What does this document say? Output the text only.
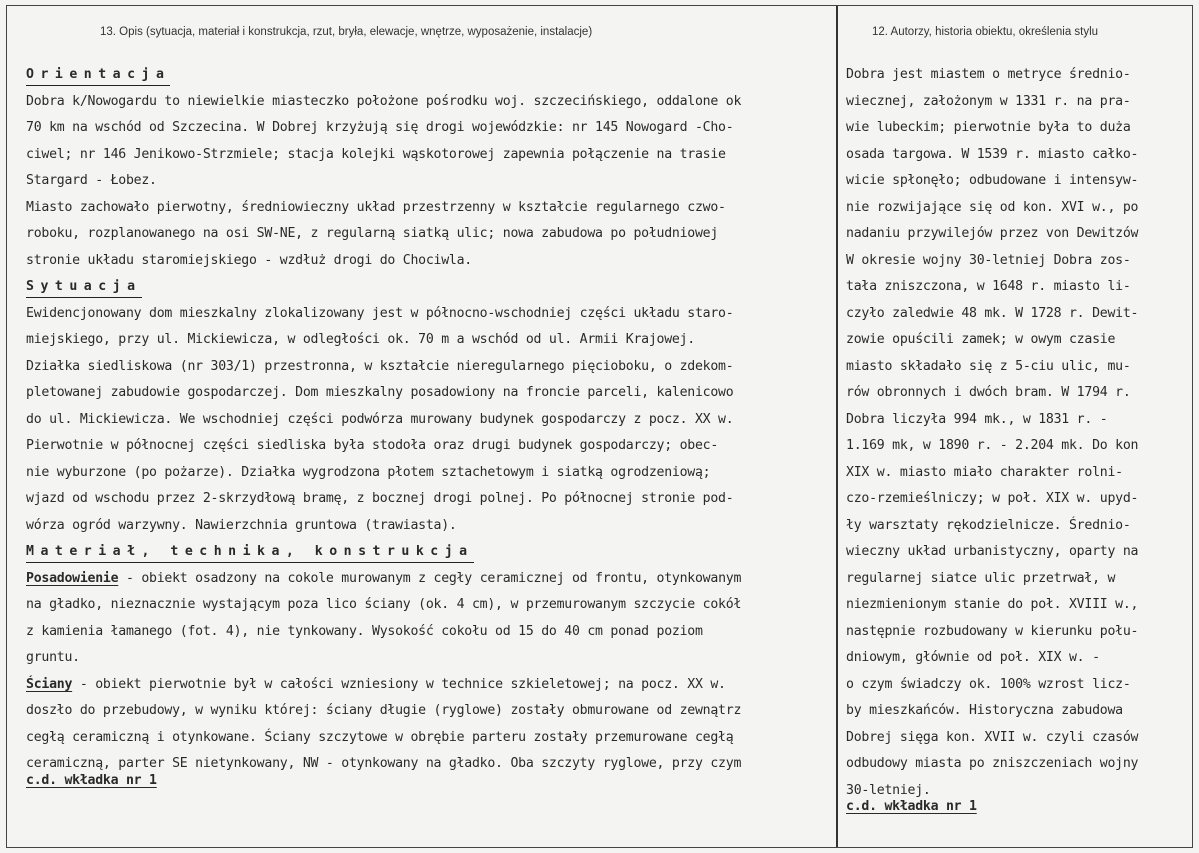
13. Opis (sytuacja, materiał i konstrukcja, rzut, bryła, elewacje, wnętrze, wyposażenie, instalacje)	12. Autorzy, historia obiektu, określenia stylu
Orientacja
Dobra k/Nowogardu to niewielkie miasteczko położone pośrodku woj. szczecińskiego, oddalone ok
70 km na wschód od Szczecina. W Dobrej krzyżują się drogi wojewódzkie: nr 145 Nowogard -Cho-
ciwel; nr 146 Jenikowo-Strzmiele; stacja kolejki wąskotorowej zapewnia połączenie na trasie
Stargard - Łobez.
Miasto zachowało pierwotny, średniowieczny układ przestrzenny w kształcie regularnego czwo-
roboku, rozplanowanego na osi SW-NE, z regularną siatką ulic; nowa zabudowa po południowej
stronie układu staromiejskiego - wzdłuż drogi do Chociwla.
Sytuacja
Ewidencjonowany dom mieszkalny zlokalizowany jest w północno-wschodniej części układu staro-
miejskiego, przy ul. Mickiewicza, w odległości ok. 70 m a wschód od ul. Armii Krajowej.
Działka siedliskowa (nr 303/1) przestronna, w kształcie nieregularnego pięcioboku, o zdekom-
pletowanej zabudowie gospodarczej. Dom mieszkalny posadowiony na froncie parceli, kalenicowo
do ul. Mickiewicza. We wschodniej części podwórza murowany budynek gospodarczy z pocz. XX w.
Pierwotnie w północnej części siedliska była stodoła oraz drugi budynek gospodarczy; obec-
nie wyburzone (po pożarze). Działka wygrodzona płotem sztachetowym i siatką ogrodzeniową;
wjazd od wschodu przez 2-skrzydłową bramę, z bocznej drogi polnej. Po północnej stronie pod-
wórza ogród warzywny. Nawierzchnia gruntowa (trawiasta).
Materiał, technika, konstrukcja
Posadowienie - obiekt osadzony na cokole murowanym z cegły ceramicznej od frontu, otynkowanym
na gładko, nieznacznie wystającym poza lico ściany (ok. 4 cm), w przemurowanym szczycie cokół
z kamienia łamanego (fot. 4), nie tynkowany. Wysokość cokołu od 15 do 40 cm ponad poziom
gruntu.
Ściany - obiekt pierwotnie był w całości wzniesiony w technice szkieletowej; na pocz. XX w.
doszło do przebudowy, w wyniku której: ściany długie (ryglowe) zostały obmurowane od zewnątrz
cegłą ceramiczną i otynkowane. Ściany szczytowe w obrębie parteru zostały przemurowane cegłą
ceramiczną, parter SE nietynkowany, NW - otynkowany na gładko. Oba szczyty ryglowe, przy czym
c.d. wkładka nr 1
Dobra jest miastem o metryce średnio-
wiecznej, założonym w 1331 r. na pra-
wie lubeckim; pierwotnie była to duża
osada targowa. W 1539 r. miasto całko-
wicie spłonęło; odbudowane i intensyw-
nie rozwijające się od kon. XVI w., po
nadaniu przywilejów przez von Dewitzów
W okresie wojny 30-letniej Dobra zos-
tała zniszczona, w 1648 r. miasto li-
czyło zaledwie 48 mk. W 1728 r. Dewit-
zowie opuścili zamek; w owym czasie
miasto składało się z 5-ciu ulic, mu-
rów obronnych i dwóch bram. W 1794 r.
Dobra liczyła 994 mk., w 1831 r. -
1.169 mk, w 1890 r. - 2.204 mk. Do kon
XIX w. miasto miało charakter rolni-
czo-rzemieślniczy; w poł. XIX w. upyd-
ły warsztaty rękodzielnicze. Średnio-
wieczny układ urbanistyczny, oparty na
regularnej siatce ulic przetrwał, w
niezmienionym stanie do poł. XVIII w.,
następnie rozbudowany w kierunku połu-
dniowym, głównie od poł. XIX w. -
o czym świadczy ok. 100% wzrost licz-
by mieszkańców. Historyczna zabudowa
Dobrej sięga kon. XVII w. czyli czasów
odbudowy miasta po zniszczeniach wojny
30-letniej.
c.d. wkładka nr 1
